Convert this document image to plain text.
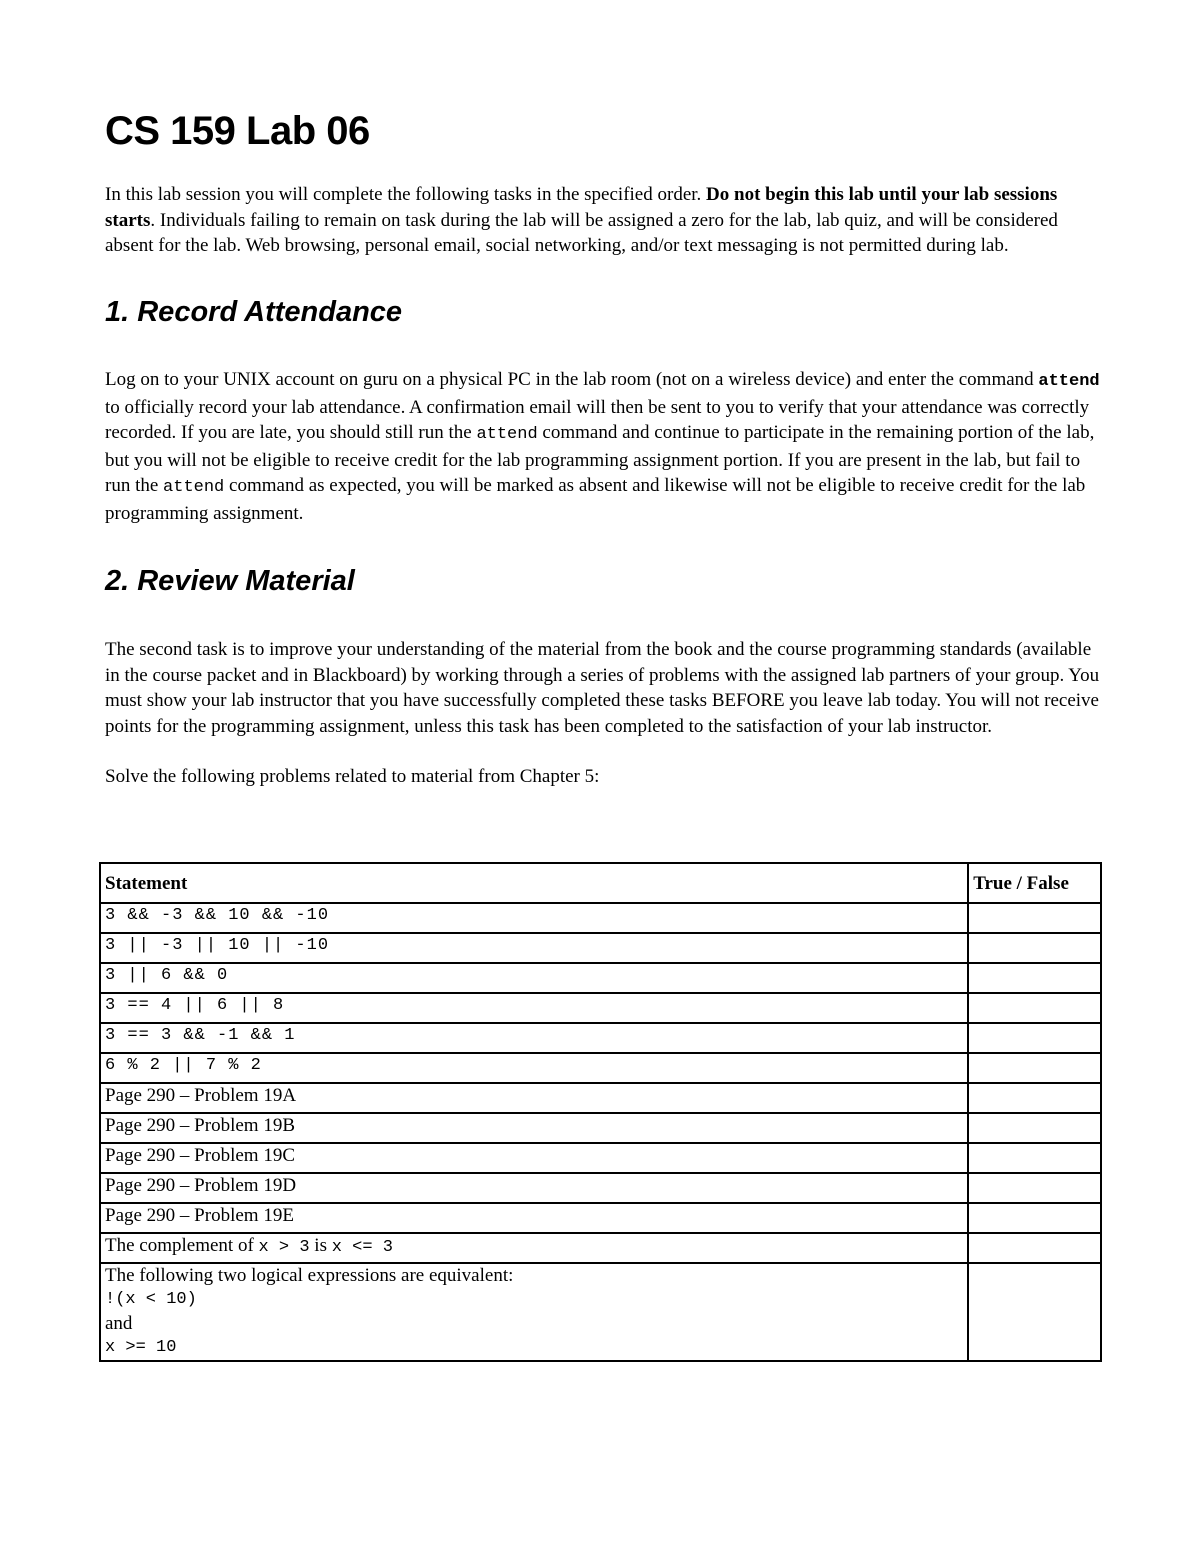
CS 159 Lab 06

In this lab session you will complete the following tasks in the specified order. Do not begin this lab until your lab sessions starts. Individuals failing to remain on task during the lab will be assigned a zero for the lab, lab quiz, and will be considered absent for the lab. Web browsing, personal email, social networking, and/or text messaging is not permitted during lab.

1. Record Attendance

Log on to your UNIX account on guru on a physical PC in the lab room (not on a wireless device) and enter the command attend to officially record your lab attendance. A confirmation email will then be sent to you to verify that your attendance was correctly recorded. If you are late, you should still run the attend command and continue to participate in the remaining portion of the lab, but you will not be eligible to receive credit for the lab programming assignment portion. If you are present in the lab, but fail to run the attend command as expected, you will be marked as absent and likewise will not be eligible to receive credit for the lab programming assignment.

2. Review Material

The second task is to improve your understanding of the material from the book and the course programming standards (available in the course packet and in Blackboard) by working through a series of problems with the assigned lab partners of your group. You must show your lab instructor that you have successfully completed these tasks BEFORE you leave lab today. You will not receive points for the programming assignment, unless this task has been completed to the satisfaction of your lab instructor.

Solve the following problems related to material from Chapter 5:

Statement	True / False
3 && -3 && 10 && -10	
3 || -3 || 10 || -10	
3 || 6 && 0	
3 == 4 || 6 || 8	
3 == 3 && -1 && 1	
6 % 2 || 7 % 2	
Page 290 – Problem 19A	
Page 290 – Problem 19B	
Page 290 – Problem 19C	
Page 290 – Problem 19D	
Page 290 – Problem 19E	
The complement of x > 3 is x <= 3	

The following two logical expressions are equivalent:
!(x < 10)
and
x >= 10	
